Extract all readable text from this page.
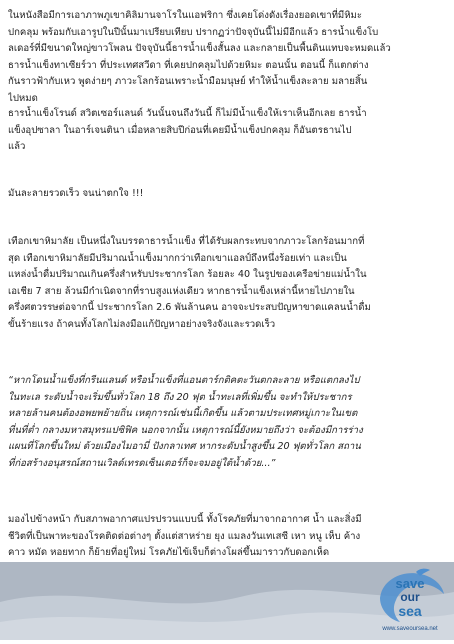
ในหนังสือมีการเอาภาพภูเขาคิลิมานจาโรในแอฟริกา ซึ่งเคยโด่งดังเรื่องยอดเขาที่มีหิมะ
ปกคลุม พร้อมกับเอารูปในปีนั้นมาเปรียบเทียบ ปรากฏว่าปัจจุบันนี้ไม่มีอีกแล้ว ธารน้ำแข็งโบ
ลเดอร์ที่มีขนาดใหญ่ขาวโพลน ปัจจุบันนี้ธารน้ำแข็งสั้นลง และกลายเป็นพื้นดินแทบจะหมดแล้ว
ธารน้ำแข็งทาเซียร์วา ที่ประเทศสวีดา ที่เคยปกคลุมไปด้วยหิมะ ตอนนั้น ตอนนี้ ก็แตกต่าง
กันราวฟ้ากับเหว พูดง่ายๆ ภาวะโลกร้อนเพราะน้ำมือมนุษย์ ทำให้น้ำแข็งละลาย มลายสิ้น
ไปหมด

ธารน้ำแข็งโรนด์ สวิตเซอร์แลนด์ วันนั้นจนถึงวันนี้ ก็ไม่มีน้ำแข็งให้เราเห็นอีกเลย ธารน้ำ
แข็งอุปซาลา ในอาร์เจนตินา เมื่อหลายสิบปีก่อนที่เคยมีน้ำแข็งปกคลุม ก็อันตรธานไป
แล้ว

มันละลายรวดเร็ว จนน่าตกใจ !!!

เทือกเขาหิมาลัย เป็นหนึ่งในบรรดาธารน้ำแข็ง ที่ได้รับผลกระทบจากภาวะโลกร้อนมากที่
สุด เทือกเขาหิมาลัยมีปริมาณน้ำแข็งมากกว่าเทือกเขาแอลป์ถึงหนึ่งร้อยเท่า และเป็น
แหล่งน้ำดื่มปริมาณเกินครึ่งสำหรับประชากรโลก ร้อยละ 40 ในรูปของเครือข่ายแม่น้ำใน
เอเชีย 7 สาย ล้วนมีกำเนิดจากที่ราบสูงแห่งเดียว หากธารน้ำแข็งเหล่านี้หายไปภายใน
ครึ่งศตวรรษต่อจากนี้ ประชากรโลก 2.6 พันล้านคน อาจจะประสบปัญหาขาดแคลนน้ำดื่ม
ขั้นร้ายแรง ถ้าคนทั้งโลกไม่ลงมือแก้ปัญหาอย่างจริงจังและรวดเร็ว

“หากโดนน้ำแข็งที่กรีนแลนด์ หรือน้ำแข็งที่แอนตาร์กติคตะวันตกละลาย หรือแตกลงไป
ในทะเล ระดับน้ำจะเริ่มขึ้นทั่วโลก 18 ถึง 20 ฟุต น้ำทะเลที่เพิ่มขึ้น จะทำให้ประชากร
หลายล้านคนต้องอพยพย้ายถิ่น เหตุการณ์เช่นนี้เกิดขึ้น แล้วตามประเทศหมู่เกาะในเขต
ที่นที่ต่ำ กลางมหาสมุทรแปซิฟิค นอกจากนั้น เหตุการณ์นี้ยังหมายถึงว่า จะต้องมีการร่าง
แผนที่โลกขึ้นใหม่ ด้วยเมืองไมอามี่ ปังกลาเทศ หากระดับน้ำสูงขึ้น 20 ฟุตทั่วโลก สถาน
ที่ก่อสร้างอนุสรณ์สถานเวิลด์เทรดเซ็นเตอร์ก็จะจมอยู่ใต้น้ำด้วย...”

มองไปข้างหน้า กับสภาพอากาศแปรปรวนแบบนี้ ทั้งโรคภัยที่มาจากอากาศ น้ำ และสิ่งมี
ชีวิตที่เป็นพาหะของโรคติดต่อต่างๆ ตั้งแต่สาหร่าย ยุง แมลงวันเทเสซี เหา หนู เห็บ ค้าง
คาว หมัด หอยทาก ก็ย้ายที่อยู่ใหม่ โรคภัยไข้เจ็บก็ต่างโผล่ขึ้นมาราวกับดอกเห็ด

save
our
sea
www.saveoursea.net
